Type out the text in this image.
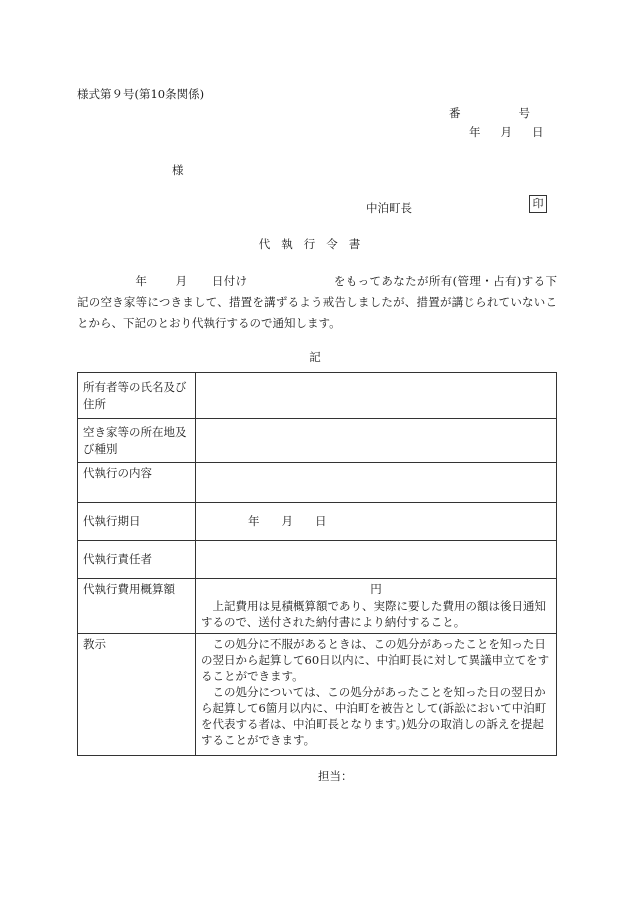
様式第９号(第10条関係)
番	号
年 月 日
様
中泊町長	印
代執行令書
年 月 日付け	をもってあなたが所有(管理・占有)する下記の空き家等につきまして、措置を講ずるよう戒告しましたが、措置が講じられていないことから、下記のとおり代執行するので通知します。
記
所有者等の氏名及び住所	
空き家等の所在地及び種別	
代執行の内容	
代執行期日	年 月 日
代執行責任者	
代執行費用概算額	円

上記費用は見積概算額であり、実際に要した費用の額は後日通知するので、送付された納付書により納付すること。

教示	この処分に不服があるときは、この処分があったことを知った日の翌日から起算して60日以内に、中泊町長に対して異議申立てをすることができます。

この処分については、この処分があったことを知った日の翌日から起算して6箇月以内に、中泊町を被告として(訴訟において中泊町を代表する者は、中泊町長となります。)処分の取消しの訴えを提起することができます。

担当：
